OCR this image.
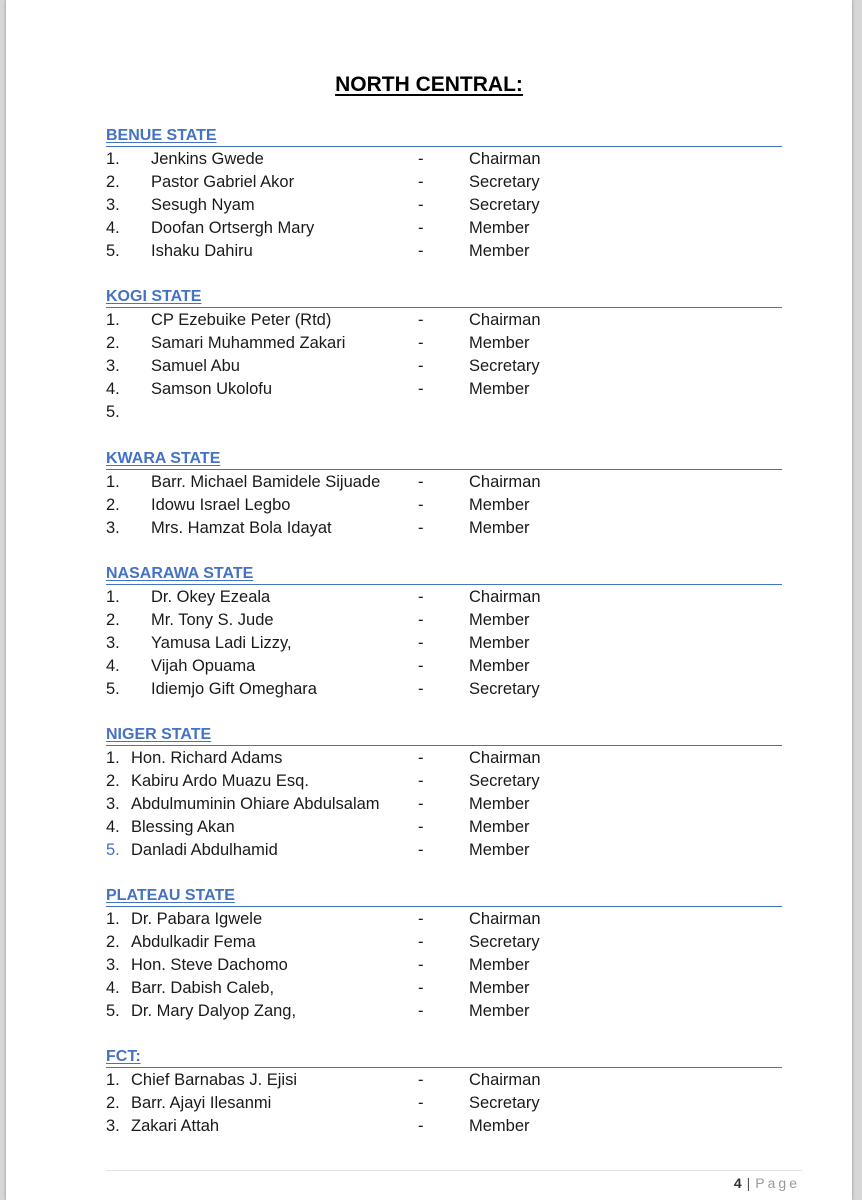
NORTH CENTRAL:
BENUE STATE
1. Jenkins Gwede	-	Chairman
2. Pastor Gabriel Akor	-	Secretary
3. Sesugh Nyam	-	Secretary
4. Doofan Ortsergh Mary	-	Member
5. Ishaku Dahiru	-	Member
KOGI STATE
1. CP Ezebuike Peter (Rtd)	-	Chairman
2. Samari Muhammed Zakari	-	Member
3. Samuel Abu	-	Secretary
4. Samson Ukolofu	-	Member
5.
KWARA STATE
1. Barr. Michael Bamidele Sijuade -	Chairman
2. Idowu Israel Legbo	-	Member
3. Mrs. Hamzat Bola Idayat	-	Member
NASARAWA STATE
1. Dr. Okey Ezeala	-	Chairman
2. Mr. Tony S. Jude	-	Member
3. Yamusa Ladi Lizzy,	-	Member
4. Vijah Opuama	-	Member
5. Idiemjo Gift Omeghara	-	Secretary
NIGER STATE
1. Hon. Richard Adams	-	Chairman
2. Kabiru Ardo Muazu Esq.	-	Secretary
3. Abdulmuminin Ohiare Abdulsalam -	Member
4. Blessing Akan	-	Member
5. Danladi Abdulhamid	-	Member
PLATEAU STATE
1. Dr. Pabara Igwele	-	Chairman
2. Abdulkadir Fema	-	Secretary
3. Hon. Steve Dachomo	-	Member
4. Barr. Dabish Caleb,	-	Member
5. Dr. Mary Dalyop Zang,	-	Member
FCT:
1. Chief Barnabas J. Ejisi	-	Chairman
2. Barr. Ajayi Ilesanmi	-	Secretary
3. Zakari Attah	-	Member
4 | Page
